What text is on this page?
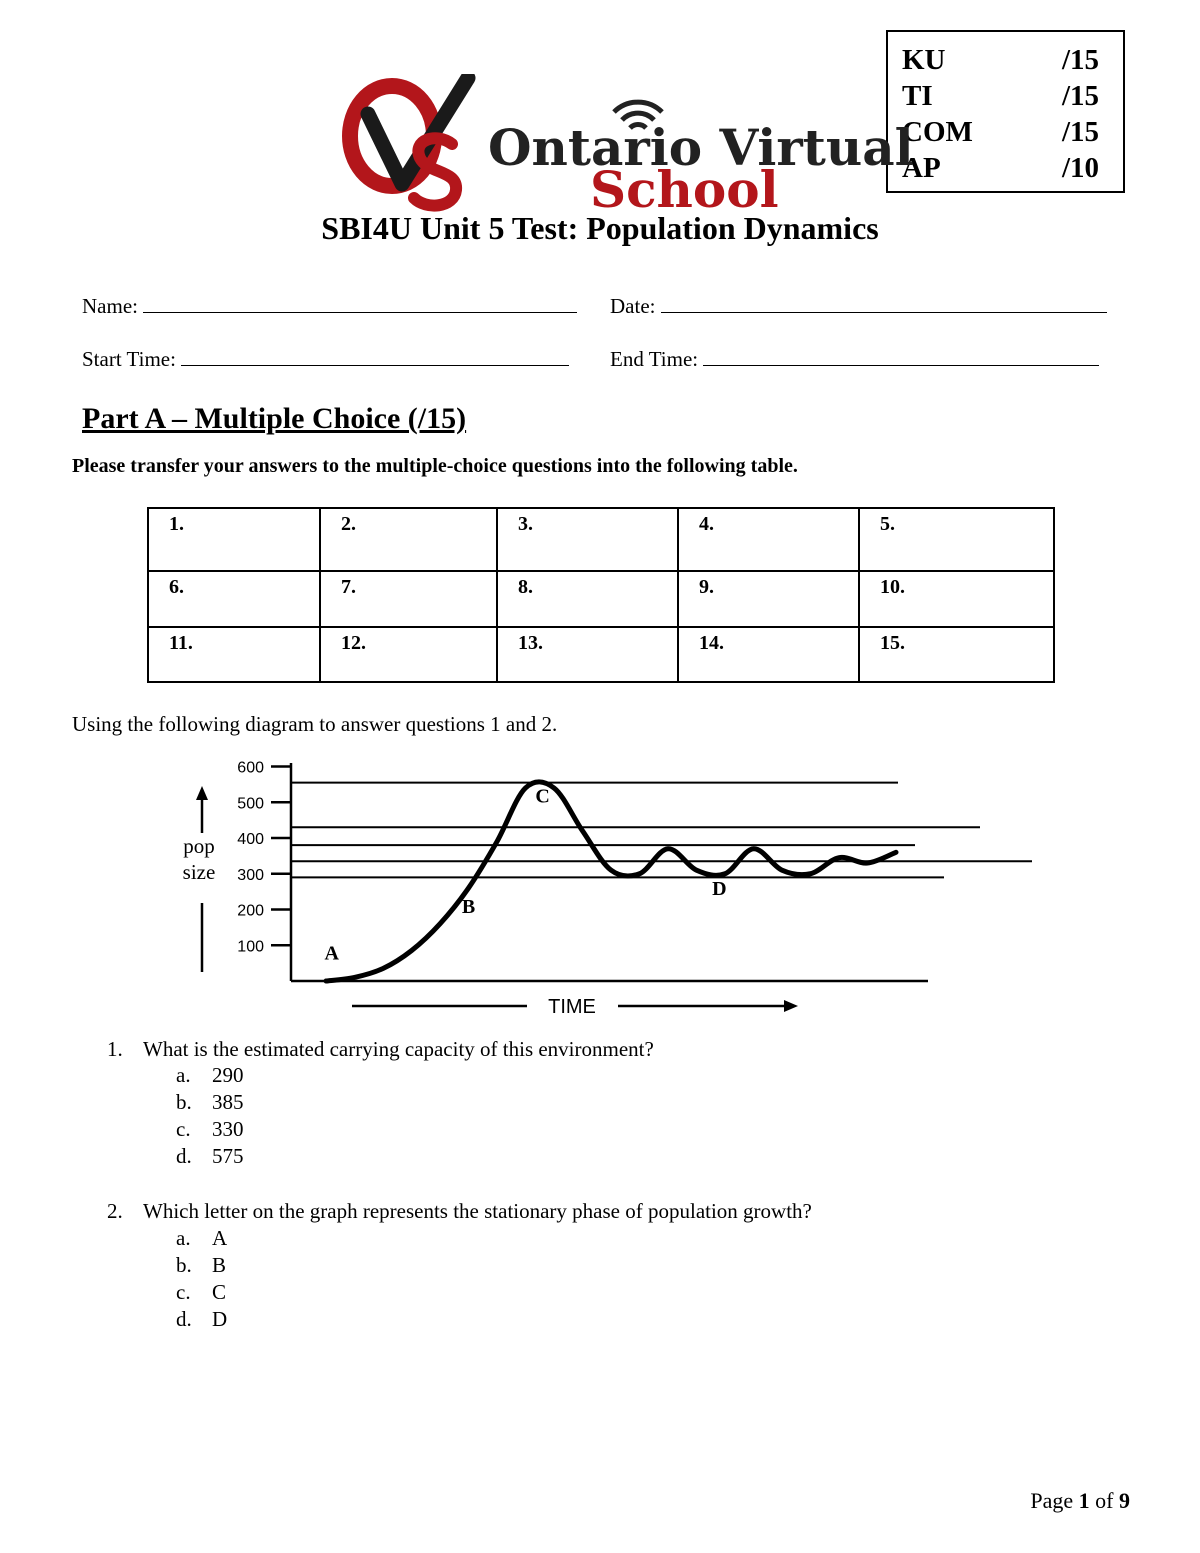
KU	/15
TI	/15
COM	/15
AP	/10
Ontario Virtual
School
SBI4U Unit 5 Test: Population Dynamics
Name:	Date:
Start Time:	End Time:
Part A – Multiple Choice (/15)
Please transfer your answers to the multiple-choice questions into the following table.
1.	2.	3.	4.	5.
6.	7.	8.	9.	10.
11.	12.	13.	14.	15.
Using the following diagram to answer questions 1 and 2.
TIME
pop
size
100
200
300
400
500
600
A
B
C
D
1. What is the estimated carrying capacity of this environment?
a. 290
b. 385
c. 330
d. 575
2. Which letter on the graph represents the stationary phase of population growth?
a. A
b. B
c. C
d. D
Page 1 of 9
